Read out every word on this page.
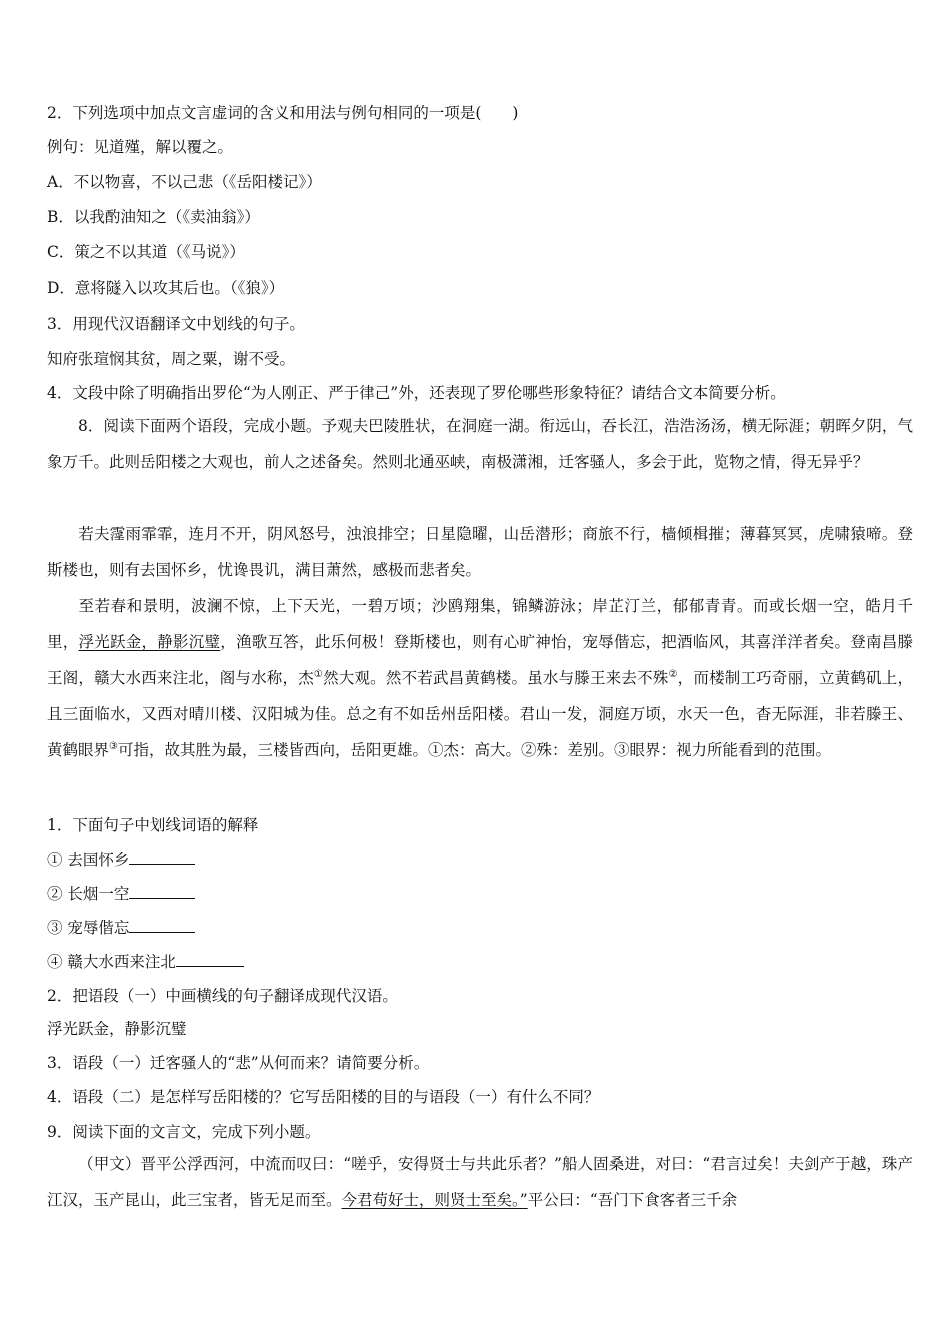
2．下列选项中加点文言虚词的含义和用法与例句相同的一项是(　　)
例句：见道殣，解以覆之。
A．不以物喜，不以己悲（《岳阳楼记》）
B．以我酌油知之（《卖油翁》）
C．策之不以其道（《马说》）
D．意将隧入以攻其后也。（《狼》）
3．用现代汉语翻译文中划线的句子。
知府张瑄悯其贫，周之粟，谢不受。
4．文段中除了明确指出罗伦“为人刚正、严于律己”外，还表现了罗伦哪些形象特征？请结合文本简要分析。
8．阅读下面两个语段，完成小题。予观夫巴陵胜状，在洞庭一湖。衔远山，吞长江，浩浩汤汤，横无际涯；朝晖夕阴，气象万千。此则岳阳楼之大观也，前人之述备矣。然则北通巫峡，南极潇湘，迁客骚人，多会于此，览物之情，得无异乎？
若夫霪雨霏霏，连月不开，阴风怒号，浊浪排空；日星隐曜，山岳潜形；商旅不行，樯倾楫摧；薄暮冥冥，虎啸猿啼。登斯楼也，则有去国怀乡，忧谗畏讥，满目萧然，感极而悲者矣。
至若春和景明，波澜不惊，上下天光，一碧万顷；沙鸥翔集，锦鳞游泳；岸芷汀兰，郁郁青青。而或长烟一空，皓月千里，浮光跃金，静影沉璧，渔歌互答，此乐何极！登斯楼也，则有心旷神怡，宠辱偕忘，把酒临风，其喜洋洋者矣。登南昌滕王阁，赣大水西来注北，阁与水称，杰①然大观。然不若武昌黄鹤楼。虽水与滕王来去不殊②，而楼制工巧奇丽，立黄鹤矶上，且三面临水，又西对晴川楼、汉阳城为佳。总之有不如岳州岳阳楼。君山一发，洞庭万顷，水天一色，杳无际涯，非若滕王、黄鹤眼界③可指，故其胜为最，三楼皆西向，岳阳更雄。①杰：高大。②殊：差别。③眼界：视力所能看到的范围。
1．下面句子中划线词语的解释
① 去国怀乡
② 长烟一空
③ 宠辱偕忘
④ 赣大水西来注北
2．把语段（一）中画横线的句子翻译成现代汉语。
浮光跃金，静影沉璧
3．语段（一）迁客骚人的“悲”从何而来？请简要分析。
4．语段（二）是怎样写岳阳楼的？它写岳阳楼的目的与语段（一）有什么不同？
9．阅读下面的文言文，完成下列小题。
（甲文）晋平公浮西河，中流而叹曰：“嗟乎，安得贤士与共此乐者？”船人固桑进，对曰：“君言过矣！夫剑产于越，珠产江汉，玉产昆山，此三宝者，皆无足而至。今君苟好士，则贤士至矣。”平公曰：“吾门下食客者三千余
